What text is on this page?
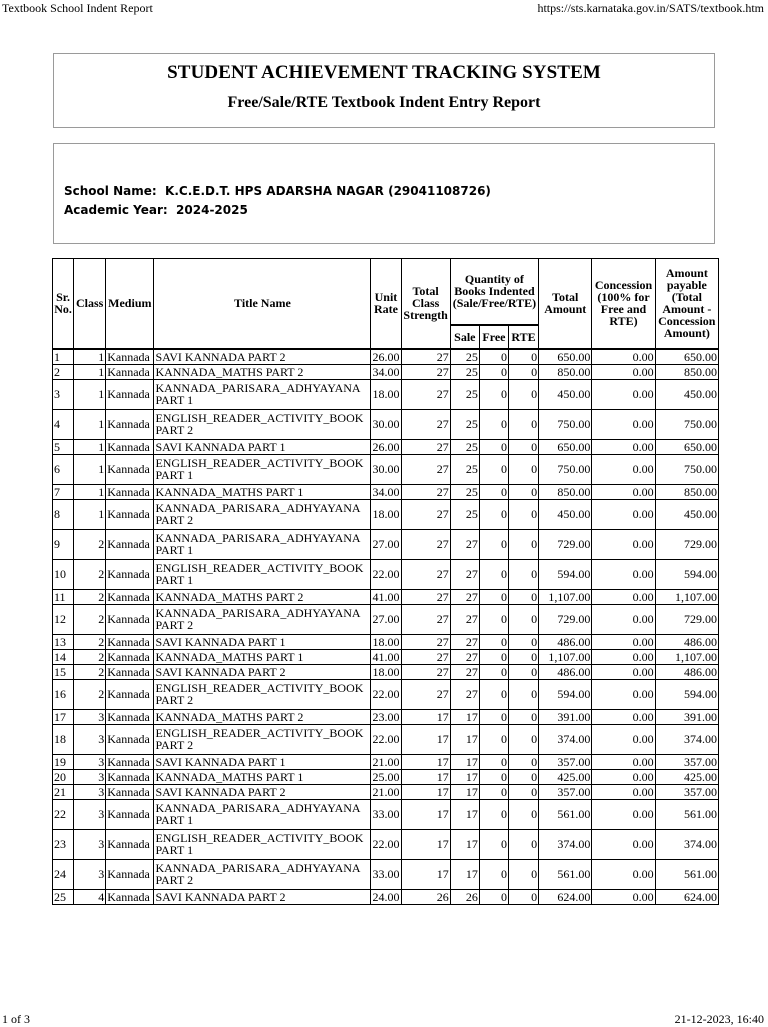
Textbook School Indent Report	https://sts.karnataka.gov.in/SATS/textbook.htm
STUDENT ACHIEVEMENT TRACKING SYSTEM
Free/Sale/RTE Textbook Indent Entry Report
School Name: K.C.E.D.T. HPS ADARSHA NAGAR (29041108726)
Academic Year: 2024-2025
Sr. No.	Class	Medium	Title Name	Unit Rate	Total Class Strength	Quantity of Books Indented (Sale/Free/RTE)			Total Amount	Concession (100% for Free and RTE)	Amount payable (Total Amount - Concession Amount)
						Sale	Free	RTE			
1	1	Kannada	SAVI KANNADA PART 2	26.00	27	25	0	0	650.00	0.00	650.00
2	1	Kannada	KANNADA_MATHS PART 2	34.00	27	25	0	0	850.00	0.00	850.00
3	1	Kannada	KANNADA_PARISARA_ADHYAYANA PART 1	18.00	27	25	0	0	450.00	0.00	450.00
4	1	Kannada	ENGLISH_READER_ACTIVITY_BOOK PART 2	30.00	27	25	0	0	750.00	0.00	750.00
5	1	Kannada	SAVI KANNADA PART 1	26.00	27	25	0	0	650.00	0.00	650.00
6	1	Kannada	ENGLISH_READER_ACTIVITY_BOOK PART 1	30.00	27	25	0	0	750.00	0.00	750.00
7	1	Kannada	KANNADA_MATHS PART 1	34.00	27	25	0	0	850.00	0.00	850.00
8	1	Kannada	KANNADA_PARISARA_ADHYAYANA PART 2	18.00	27	25	0	0	450.00	0.00	450.00
9	2	Kannada	KANNADA_PARISARA_ADHYAYANA PART 1	27.00	27	27	0	0	729.00	0.00	729.00
10	2	Kannada	ENGLISH_READER_ACTIVITY_BOOK PART 1	22.00	27	27	0	0	594.00	0.00	594.00
11	2	Kannada	KANNADA_MATHS PART 2	41.00	27	27	0	0	1,107.00	0.00	1,107.00
12	2	Kannada	KANNADA_PARISARA_ADHYAYANA PART 2	27.00	27	27	0	0	729.00	0.00	729.00
13	2	Kannada	SAVI KANNADA PART 1	18.00	27	27	0	0	486.00	0.00	486.00
14	2	Kannada	KANNADA_MATHS PART 1	41.00	27	27	0	0	1,107.00	0.00	1,107.00
15	2	Kannada	SAVI KANNADA PART 2	18.00	27	27	0	0	486.00	0.00	486.00
16	2	Kannada	ENGLISH_READER_ACTIVITY_BOOK PART 2	22.00	27	27	0	0	594.00	0.00	594.00
17	3	Kannada	KANNADA_MATHS PART 2	23.00	17	17	0	0	391.00	0.00	391.00
18	3	Kannada	ENGLISH_READER_ACTIVITY_BOOK PART 2	22.00	17	17	0	0	374.00	0.00	374.00
19	3	Kannada	SAVI KANNADA PART 1	21.00	17	17	0	0	357.00	0.00	357.00
20	3	Kannada	KANNADA_MATHS PART 1	25.00	17	17	0	0	425.00	0.00	425.00
21	3	Kannada	SAVI KANNADA PART 2	21.00	17	17	0	0	357.00	0.00	357.00
22	3	Kannada	KANNADA_PARISARA_ADHYAYANA PART 1	33.00	17	17	0	0	561.00	0.00	561.00
23	3	Kannada	ENGLISH_READER_ACTIVITY_BOOK PART 1	22.00	17	17	0	0	374.00	0.00	374.00
24	3	Kannada	KANNADA_PARISARA_ADHYAYANA PART 2	33.00	17	17	0	0	561.00	0.00	561.00
25	4	Kannada	SAVI KANNADA PART 2	24.00	26	26	0	0	624.00	0.00	624.00
1 of 3	21-12-2023, 16:40
